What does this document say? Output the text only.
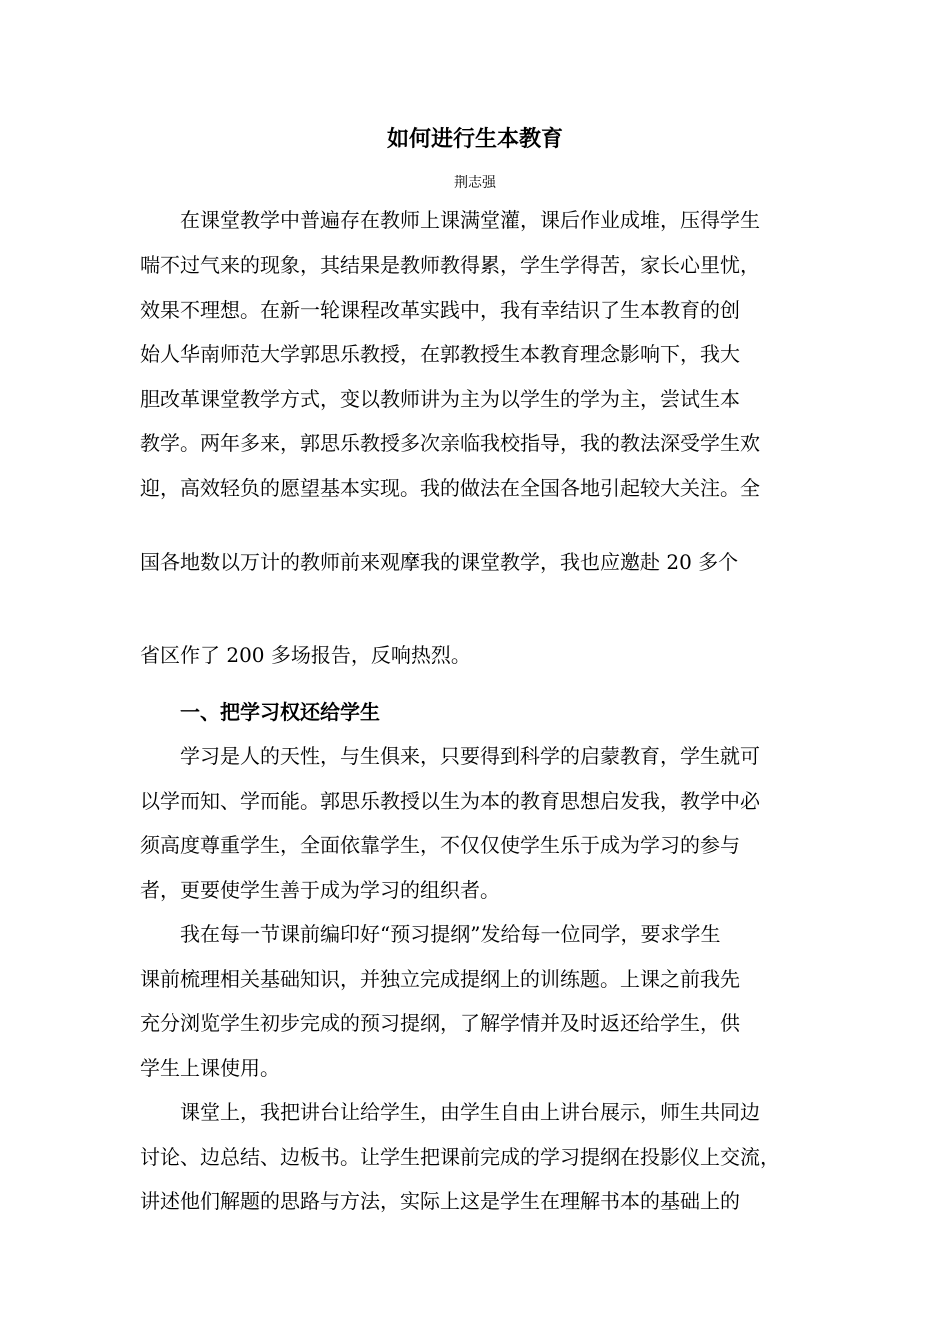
如何进行生本教育
荆志强
在课堂教学中普遍存在教师上课满堂灌，课后作业成堆，压得学生
喘不过气来的现象，其结果是教师教得累，学生学得苦，家长心里忧，
效果不理想。在新一轮课程改革实践中，我有幸结识了生本教育的创
始人华南师范大学郭思乐教授，在郭教授生本教育理念影响下，我大
胆改革课堂教学方式，变以教师讲为主为以学生的学为主，尝试生本
教学。两年多来，郭思乐教授多次亲临我校指导，我的教法深受学生欢
迎，高效轻负的愿望基本实现。我的做法在全国各地引起较大关注。全
国各地数以万计的教师前来观摩我的课堂教学，我也应邀赴 20 多个
省区作了 200 多场报告，反响热烈。
一、把学习权还给学生
学习是人的天性，与生俱来，只要得到科学的启蒙教育，学生就可
以学而知、学而能。郭思乐教授以生为本的教育思想启发我，教学中必
须高度尊重学生，全面依靠学生，不仅仅使学生乐于成为学习的参与
者，更要使学生善于成为学习的组织者。
我在每一节课前编印好“预习提纲”发给每一位同学，要求学生
课前梳理相关基础知识，并独立完成提纲上的训练题。上课之前我先
充分浏览学生初步完成的预习提纲，了解学情并及时返还给学生，供
学生上课使用。
课堂上，我把讲台让给学生，由学生自由上讲台展示，师生共同边
讨论、边总结、边板书。让学生把课前完成的学习提纲在投影仪上交流，
讲述他们解题的思路与方法，实际上这是学生在理解书本的基础上的
